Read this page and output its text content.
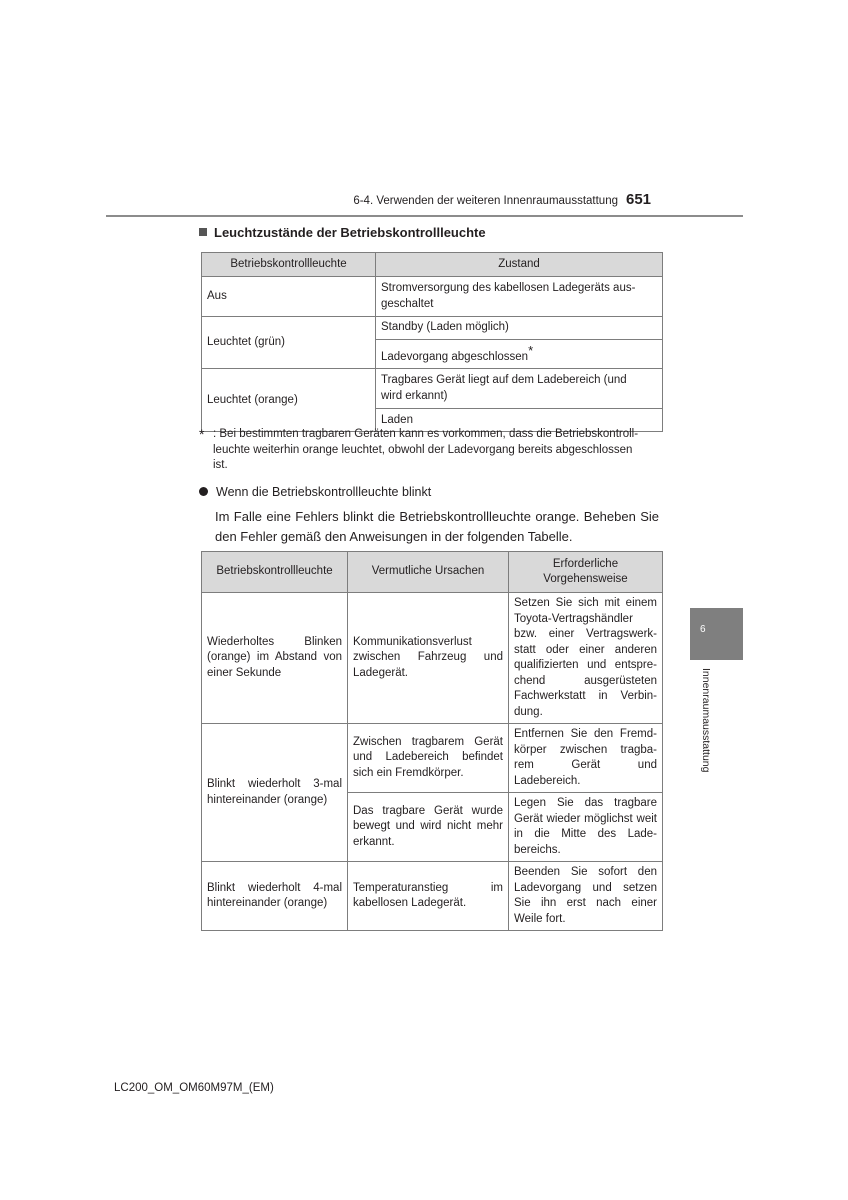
6-4. Verwenden der weiteren Innenraumausstattung 651
Leuchtzustände der Betriebskontrollleuchte
Betriebskontrollleuchte	Zustand
Aus	Stromversorgung des kabellosen Ladegeräts aus-
geschaltet
Leuchtet (grün)	Standby (Laden möglich)
	Ladevorgang abgeschlossen*
Leuchtet (orange)	Tragbares Gerät liegt auf dem Ladebereich (und
wird erkannt)
	Laden
* : Bei bestimmten tragbaren Geräten kann es vorkommen, dass die Betriebskontroll-
leuchte weiterhin orange leuchtet, obwohl der Ladevorgang bereits abgeschlossen
ist.
Wenn die Betriebskontrollleuchte blinkt
Im Falle eine Fehlers blinkt die Betriebskontrollleuchte orange. Beheben Sie den Fehler gemäß den Anweisungen in der folgenden Tabelle.
Betriebskontrollleuchte	Vermutliche Ursachen	Erforderliche
Vorgehensweise
Wiederholtes Blinken (orange) im Abstand von einer Sekunde	Kommunikationsverlust zwischen Fahrzeug und Ladegerät.	Setzen Sie sich mit einem Toyota-Vertragshändler bzw. einer Vertragswerk- statt oder einer anderen qualifizierten und entspre- chend ausgerüsteten Fachwerkstatt in Verbin- dung.
Blinkt wiederholt 3-mal hintereinander (orange)	Zwischen tragbarem Gerät und Ladebereich befindet sich ein Fremdkörper.	Entfernen Sie den Fremd- körper zwischen tragba- rem Gerät und Ladebereich.
	Das tragbare Gerät wurde bewegt und wird nicht mehr erkannt.	Legen Sie das tragbare Gerät wieder möglichst weit in die Mitte des Lade- bereichs.
Blinkt wiederholt 4-mal hintereinander (orange)	Temperaturanstieg im kabellosen Ladegerät.	Beenden Sie sofort den Ladevorgang und setzen Sie ihn erst nach einer Weile fort.
6
Innenraumausstattung
LC200_OM_OM60M97M_(EM)
